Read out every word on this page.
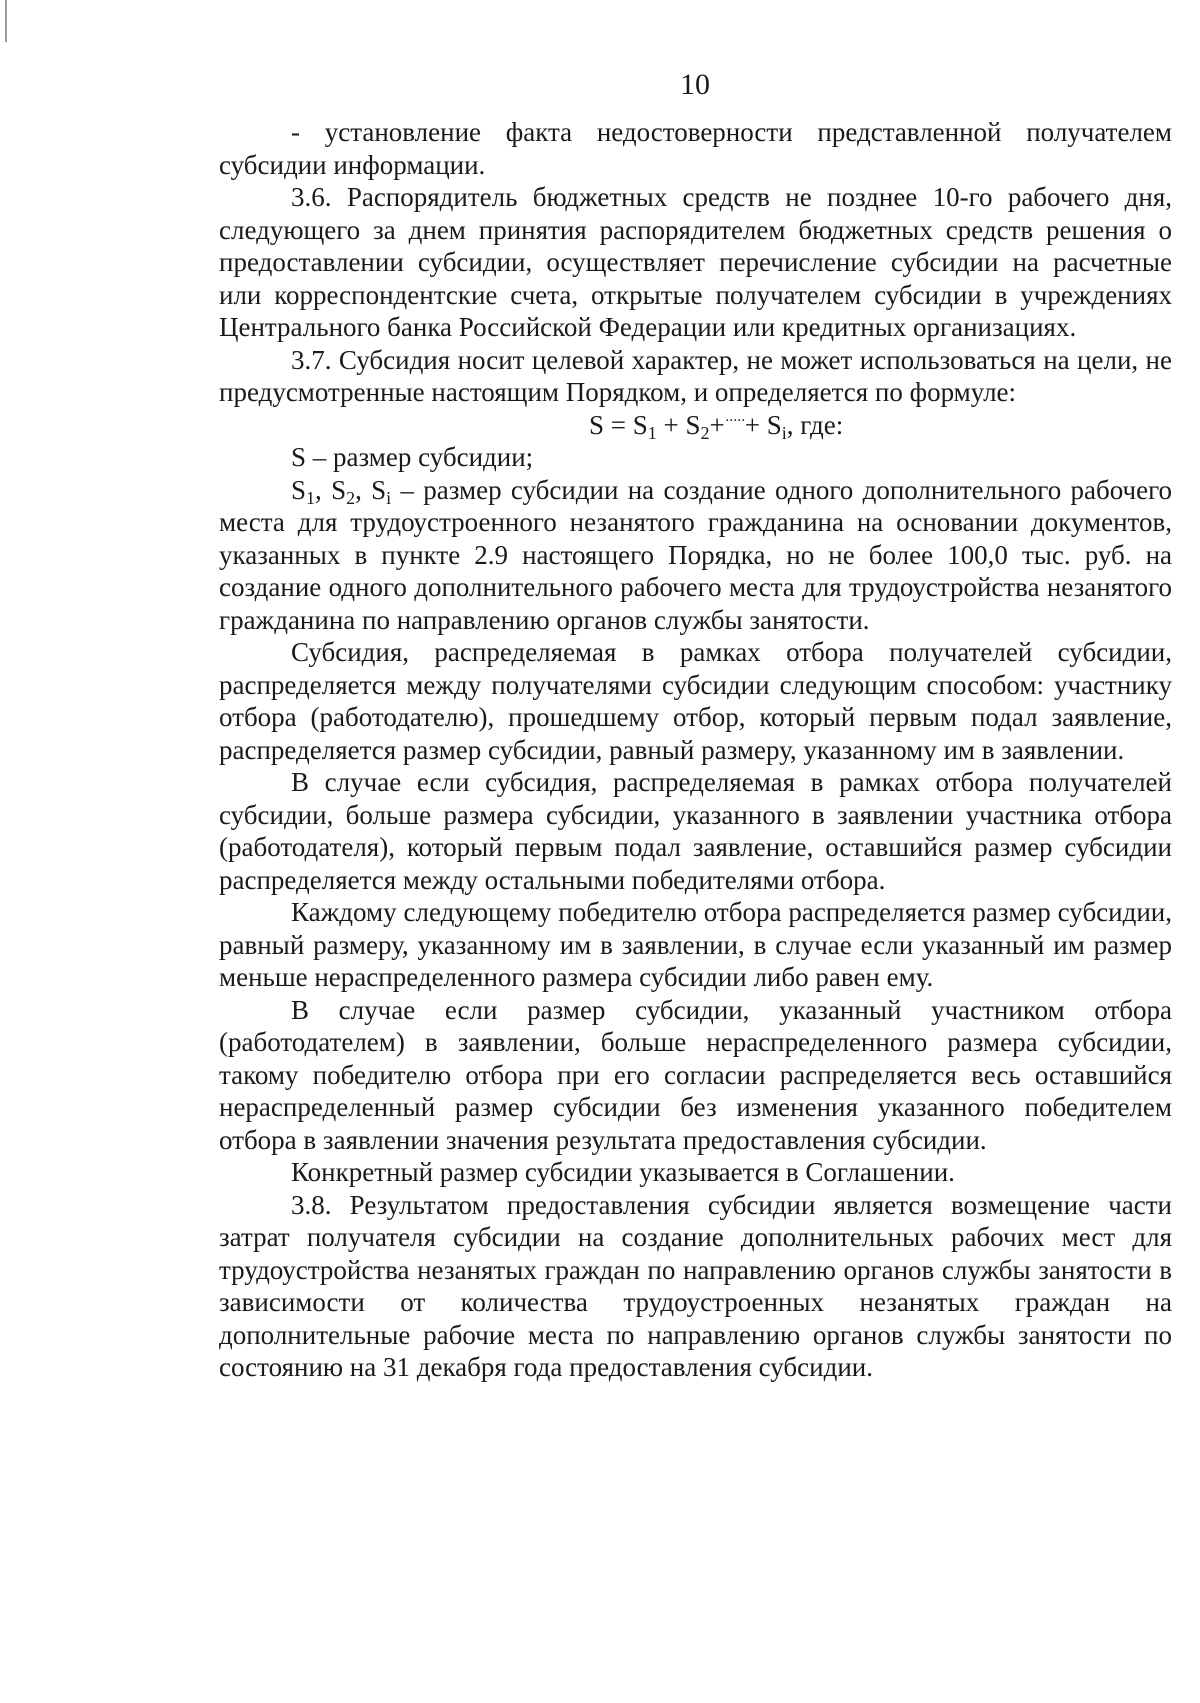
10

- установление факта недостоверности представленной получателем субсидии информации.

3.6. Распорядитель бюджетных средств не позднее 10-го рабочего дня, следующего за днем принятия распорядителем бюджетных средств решения о предоставлении субсидии, осуществляет перечисление субсидии на расчетные или корреспондентские счета, открытые получателем субсидии в учреждениях Центрального банка Российской Федерации или кредитных организациях.

3.7. Субсидия носит целевой характер, не может использоваться на цели, не предусмотренные настоящим Порядком, и определяется по формуле:

$S = S_1 + S_2+^{\cdot\cdot\cdot\cdot\cdot}+ S_i$, где:

S – размер субсидии;

$S_1$, $S_2$, $S_i$ – размер субсидии на создание одного дополнительного рабочего места для трудоустроенного незанятого гражданина на основании документов, указанных в пункте 2.9 настоящего Порядка, но не более 100,0 тыс. руб. на создание одного дополнительного рабочего места для трудоустройства незанятого гражданина по направлению органов службы занятости.

Субсидия, распределяемая в рамках отбора получателей субсидии, распределяется между получателями субсидии следующим способом: участнику отбора (работодателю), прошедшему отбор, который первым подал заявление, распределяется размер субсидии, равный размеру, указанному им в заявлении.

В случае если субсидия, распределяемая в рамках отбора получателей субсидии, больше размера субсидии, указанного в заявлении участника отбора (работодателя), который первым подал заявление, оставшийся размер субсидии распределяется между остальными победителями отбора.

Каждому следующему победителю отбора распределяется размер субсидии, равный размеру, указанному им в заявлении, в случае если указанный им размер меньше нераспределенного размера субсидии либо равен ему.

В случае если размер субсидии, указанный участником отбора (работодателем) в заявлении, больше нераспределенного размера субсидии, такому победителю отбора при его согласии распределяется весь оставшийся нераспределенный размер субсидии без изменения указанного победителем отбора в заявлении значения результата предоставления субсидии.

Конкретный размер субсидии указывается в Соглашении.

3.8. Результатом предоставления субсидии является возмещение части затрат получателя субсидии на создание дополнительных рабочих мест для трудоустройства незанятых граждан по направлению органов службы занятости в зависимости от количества трудоустроенных незанятых граждан на дополнительные рабочие места по направлению органов службы занятости по состоянию на 31 декабря года предоставления субсидии.
